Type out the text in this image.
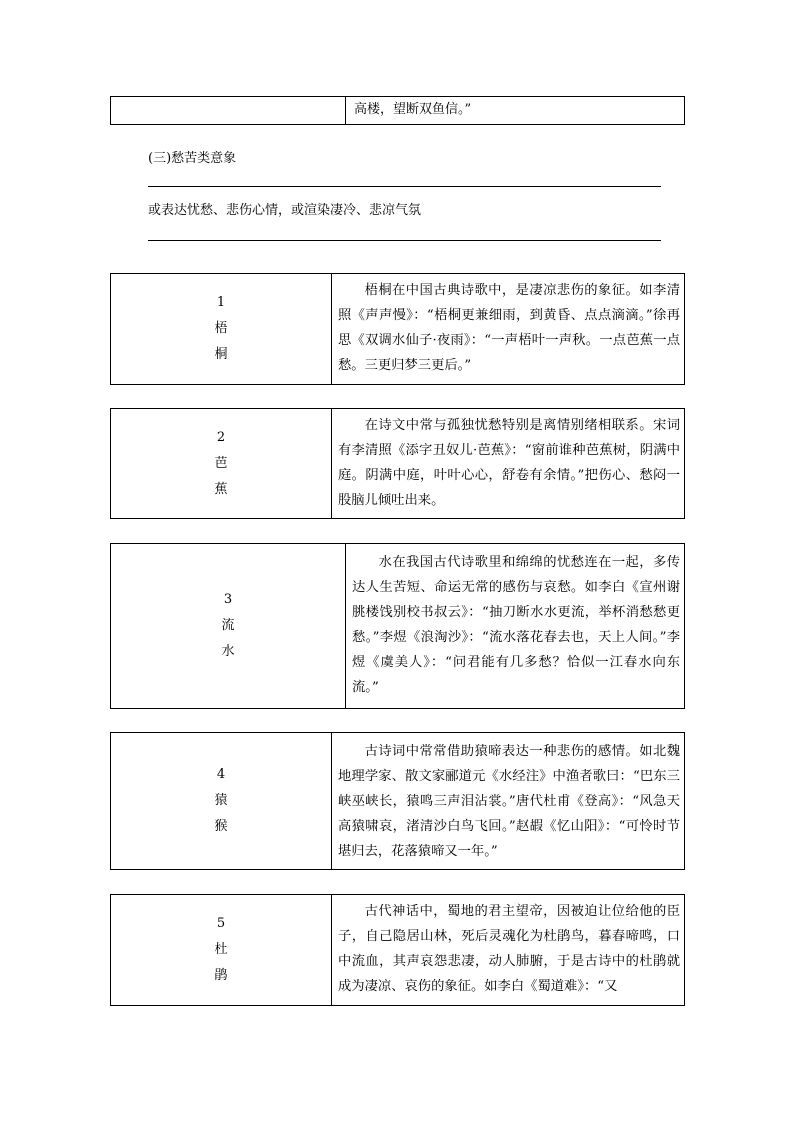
高楼，望断双鱼信。”
(三)愁苦类意象
或表达忧愁、悲伤心情，或渲染凄冷、悲凉气氛
1
梧
桐
梧桐在中国古典诗歌中，是凄凉悲伤的象征。如李清照《声声慢》：“梧桐更兼细雨，到黄昏、点点滴滴。”徐再思《双调水仙子·夜雨》：“一声梧叶一声秋。一点芭蕉一点愁。三更归梦三更后。”
2
芭
蕉
在诗文中常与孤独忧愁特别是离情别绪相联系。宋词有李清照《添字丑奴儿·芭蕉》：“窗前谁种芭蕉树，阴满中庭。阴满中庭，叶叶心心，舒卷有余情。”把伤心、愁闷一股脑儿倾吐出来。
3
流
水
水在我国古代诗歌里和绵绵的忧愁连在一起，多传达人生苦短、命运无常的感伤与哀愁。如李白《宣州谢朓楼饯别校书叔云》：“抽刀断水水更流，举杯消愁愁更愁。”李煜《浪淘沙》：“流水落花春去也，天上人间。”李煜《虞美人》：“问君能有几多愁？恰似一江春水向东流。”
4
猿
猴
古诗词中常常借助猿啼表达一种悲伤的感情。如北魏地理学家、散文家郦道元《水经注》中渔者歌曰：“巴东三峡巫峡长，猿鸣三声泪沾裳。”唐代杜甫《登高》：“风急天高猿啸哀，渚清沙白鸟飞回。”赵嘏《忆山阳》：“可怜时节堪归去，花落猿啼又一年。”
5
杜
鹃
古代神话中，蜀地的君主望帝，因被迫让位给他的臣子，自己隐居山林，死后灵魂化为杜鹃鸟，暮春啼鸣，口中流血，其声哀怨悲凄，动人肺腑，于是古诗中的杜鹃就成为凄凉、哀伤的象征。如李白《蜀道难》：“又
